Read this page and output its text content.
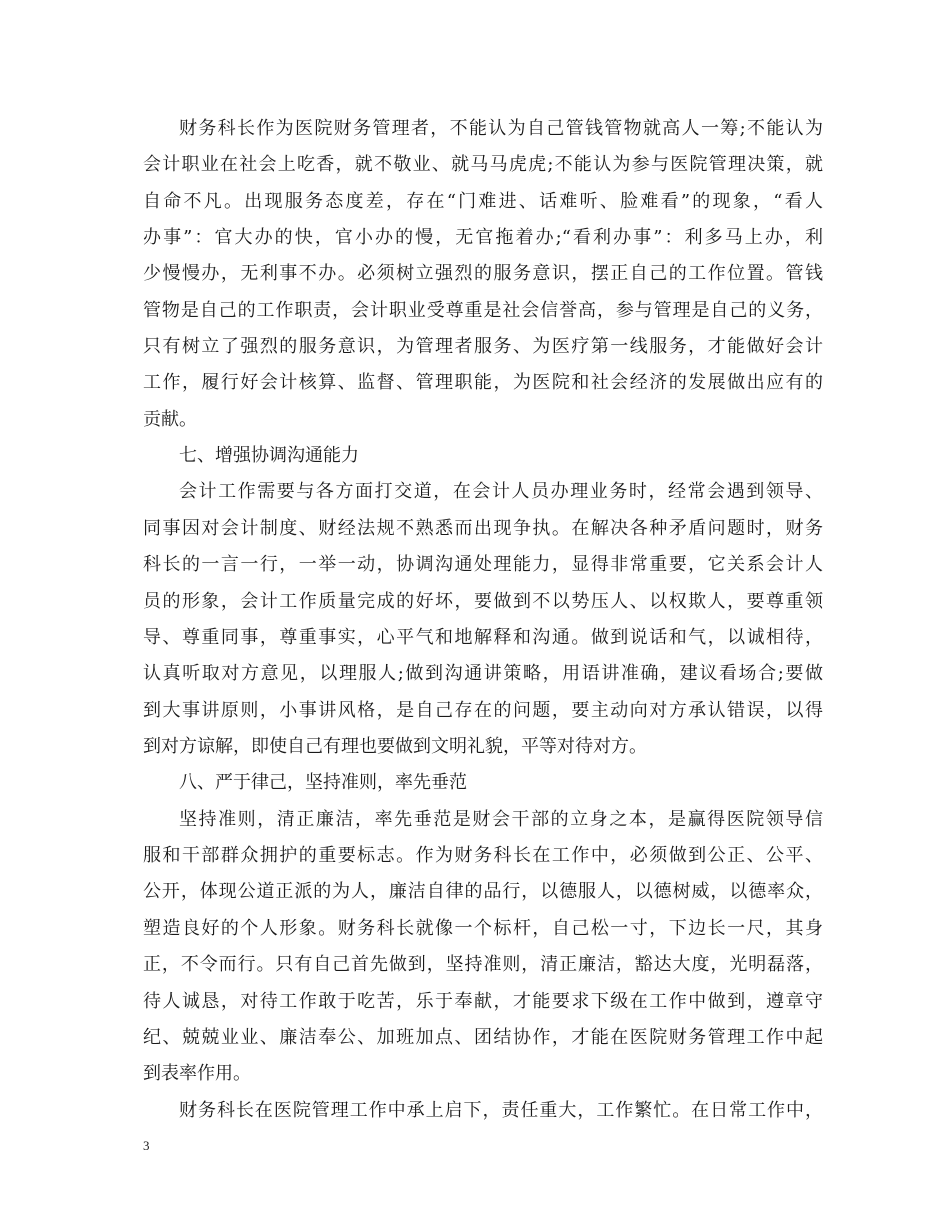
财务科长作为医院财务管理者，不能认为自己管钱管物就高人一筹;不能认为
会计职业在社会上吃香，就不敬业、就马马虎虎;不能认为参与医院管理决策，就
自命不凡。出现服务态度差，存在“门难进、话难听、脸难看”的现象，“看人
办事”：官大办的快，官小办的慢，无官拖着办;“看利办事”：利多马上办，利
少慢慢办，无利事不办。必须树立强烈的服务意识，摆正自己的工作位置。管钱
管物是自己的工作职责，会计职业受尊重是社会信誉高，参与管理是自己的义务，
只有树立了强烈的服务意识，为管理者服务、为医疗第一线服务，才能做好会计
工作，履行好会计核算、监督、管理职能，为医院和社会经济的发展做出应有的
贡献。
七、增强协调沟通能力
会计工作需要与各方面打交道，在会计人员办理业务时，经常会遇到领导、
同事因对会计制度、财经法规不熟悉而出现争执。在解决各种矛盾问题时，财务
科长的一言一行，一举一动，协调沟通处理能力，显得非常重要，它关系会计人
员的形象，会计工作质量完成的好坏，要做到不以势压人、以权欺人，要尊重领
导、尊重同事，尊重事实，心平气和地解释和沟通。做到说话和气，以诚相待，
认真听取对方意见，以理服人;做到沟通讲策略，用语讲准确，建议看场合;要做
到大事讲原则，小事讲风格，是自己存在的问题，要主动向对方承认错误，以得
到对方谅解，即使自己有理也要做到文明礼貌，平等对待对方。
八、严于律己，坚持准则，率先垂范
坚持准则，清正廉洁，率先垂范是财会干部的立身之本，是赢得医院领导信
服和干部群众拥护的重要标志。作为财务科长在工作中，必须做到公正、公平、
公开，体现公道正派的为人，廉洁自律的品行，以德服人，以德树威，以德率众，
塑造良好的个人形象。财务科长就像一个标杆，自己松一寸，下边长一尺，其身
正，不令而行。只有自己首先做到，坚持准则，清正廉洁，豁达大度，光明磊落，
待人诚恳，对待工作敢于吃苦，乐于奉献，才能要求下级在工作中做到，遵章守
纪、兢兢业业、廉洁奉公、加班加点、团结协作，才能在医院财务管理工作中起
到表率作用。
财务科长在医院管理工作中承上启下，责任重大，工作繁忙。在日常工作中，
3
